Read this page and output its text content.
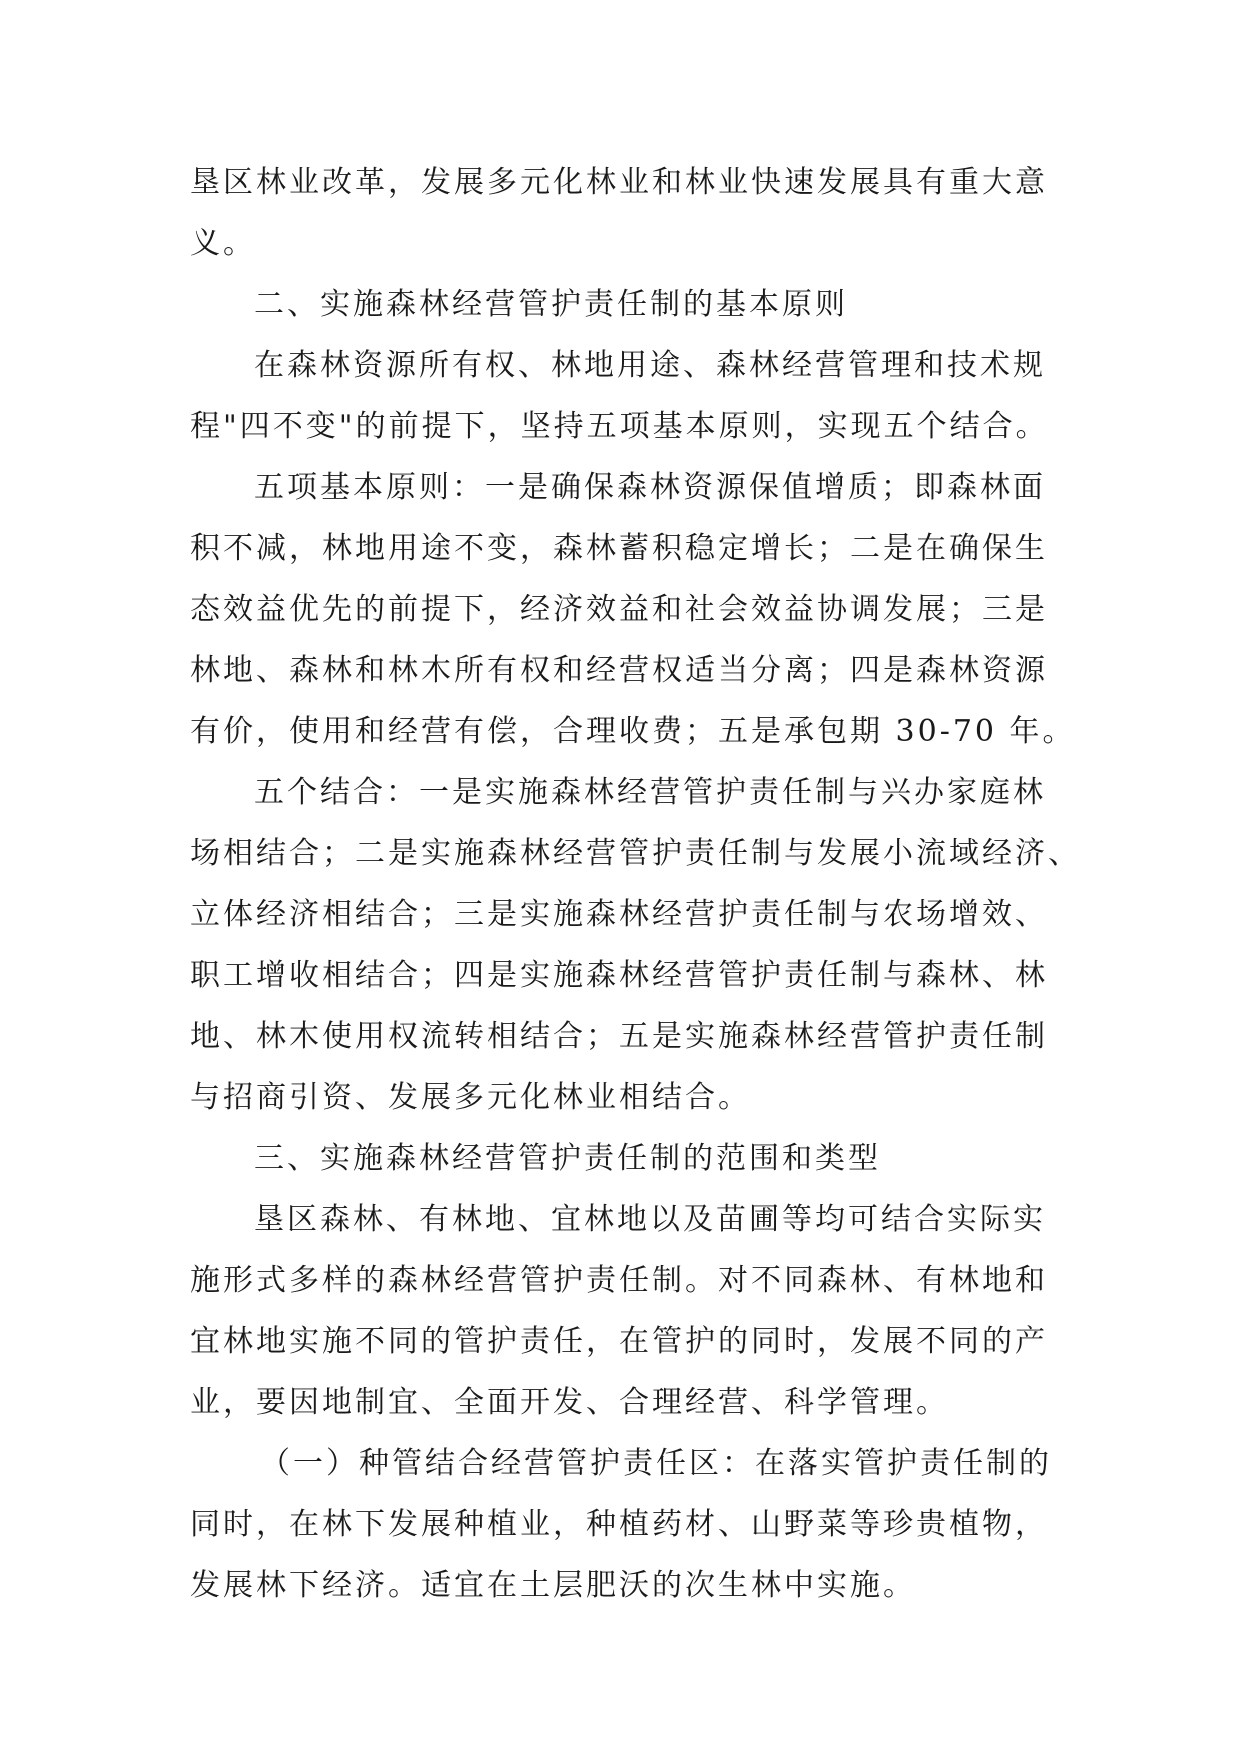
垦区林业改革，发展多元化林业和林业快速发展具有重大意
义。
二、实施森林经营管护责任制的基本原则
在森林资源所有权、林地用途、森林经营管理和技术规
程"四不变"的前提下，坚持五项基本原则，实现五个结合。
五项基本原则：一是确保森林资源保值增质；即森林面
积不减，林地用途不变，森林蓄积稳定增长；二是在确保生
态效益优先的前提下，经济效益和社会效益协调发展；三是
林地、森林和林木所有权和经营权适当分离；四是森林资源
有价，使用和经营有偿，合理收费；五是承包期 30-70 年。
五个结合：一是实施森林经营管护责任制与兴办家庭林
场相结合；二是实施森林经营管护责任制与发展小流域经济、
立体经济相结合；三是实施森林经营护责任制与农场增效、
职工增收相结合；四是实施森林经营管护责任制与森林、林
地、林木使用权流转相结合；五是实施森林经营管护责任制
与招商引资、发展多元化林业相结合。
三、实施森林经营管护责任制的范围和类型
垦区森林、有林地、宜林地以及苗圃等均可结合实际实
施形式多样的森林经营管护责任制。对不同森林、有林地和
宜林地实施不同的管护责任，在管护的同时，发展不同的产
业，要因地制宜、全面开发、合理经营、科学管理。
（一）种管结合经营管护责任区：在落实管护责任制的
同时，在林下发展种植业，种植药材、山野菜等珍贵植物，
发展林下经济。适宜在土层肥沃的次生林中实施。
